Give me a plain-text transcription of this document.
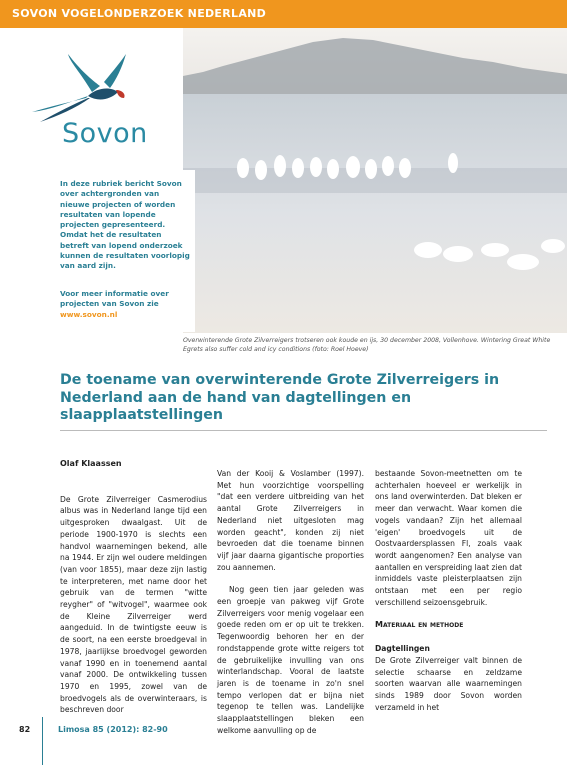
SOVON VOGELONDERZOEK NEDERLAND
Sovon
In deze rubriek bericht Sovon over achtergronden van nieuwe projecten of worden resultaten van lopende projecten gepresenteerd. Omdat het de resultaten betreft van lopend onderzoek kunnen de resultaten voorlopig van aard zijn.
Voor meer informatie over projecten van Sovon zie www.sovon.nl
Overwinterende Grote Zilverreigers trotseren ook koude en ijs, 30 december 2008, Vollenhove. Wintering Great White Egrets also suffer cold and icy conditions (foto: Roel Hoeve)
De toename van overwinterende Grote Zilverreigers in Nederland aan de hand van dagtellingen en slaapplaatstellingen

Olaf Klaassen

De Grote Zilverreiger Casmerodius albus was in Nederland lange tijd een uitgesproken dwaalgast. Uit de periode 1900-1970 is slechts een handvol waarnemingen bekend, alle na 1944. Er zijn wel oudere meldingen (van voor 1855), maar deze zijn lastig te interpreteren, met name door het gebruik van de termen "witte reygher" of "witvogel", waarmee ook de Kleine Zilverreiger werd aangeduid. In de twintigste eeuw is de soort, na een eerste broedgeval in 1978, jaarlijkse broedvogel geworden vanaf 1990 en in toenemend aantal vanaf 2000. De ontwikkeling tussen 1970 en 1995, zowel van de broedvogels als de overwinteraars, is beschreven door

Van der Kooij & Voslamber (1997). Met hun voorzichtige voorspelling "dat een verdere uitbreiding van het aantal Grote Zilverreigers in Nederland niet uitgesloten mag worden geacht", konden zij niet bevroeden dat die toename binnen vijf jaar daarna gigantische proporties zou aannemen.

Nog geen tien jaar geleden was een groepje van pakweg vijf Grote Zilverreigers voor menig vogelaar een goede reden om er op uit te trekken. Tegenwoordig behoren her en der rondstappende grote witte reigers tot de gebruikelijke invulling van ons winterlandschap. Vooral de laatste jaren is de toename in zo'n snel tempo verlopen dat er bijna niet tegenop te tellen was. Landelijke slaapplaatstellingen bleken een welkome aanvulling op de

bestaande Sovon-meetnetten om te achterhalen hoeveel er werkelijk in ons land overwinterden. Dat bleken er meer dan verwacht. Waar komen die vogels vandaan? Zijn het allemaal 'eigen' broedvogels uit de Oostvaardersplassen Fl, zoals vaak wordt aangenomen? Een analyse van aantallen en verspreiding laat zien dat inmiddels vaste pleisterplaatsen zijn ontstaan met een per regio verschillend seizoensgebruik.

Materiaal en methode

Dagtellingen

De Grote Zilverreiger valt binnen de selectie schaarse en zeldzame soorten waarvan alle waarnemingen sinds 1989 door Sovon worden verzameld in het

82	Limosa 85 (2012): 82-90
